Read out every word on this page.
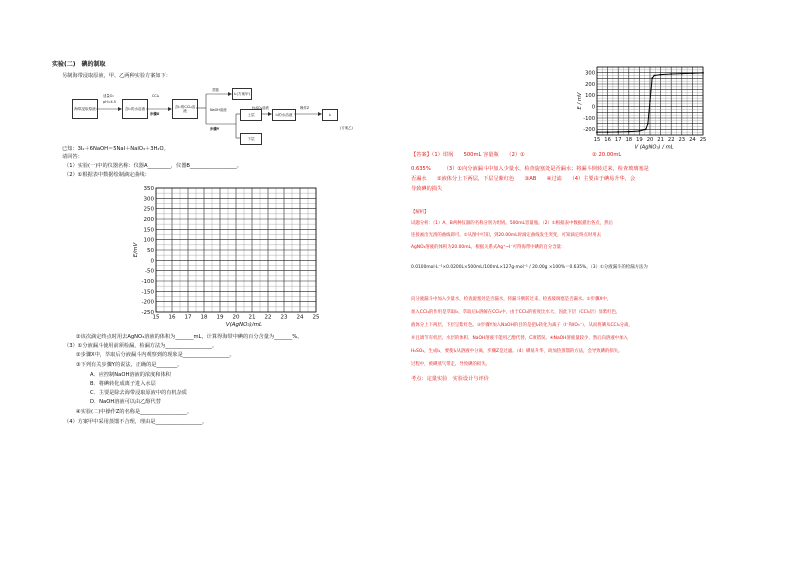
实验(二)　碘的制取
另制海带浸取原液，甲、乙两种实验方案如下：
海带浸取原液
适量O₂
pH=4.5
含I₂的水溶液
CCl₄
步骤X
含I₂的CCl₄溶液
蒸馏
NaOH溶液
步骤Y
I₂(方案甲)
上层
下层
H₂SO₄溶液
I₂的水溶液
操作Z
I₂
(方案乙)
已知：3I₂＋6NaOH＝5NaI＋NaIO₃＋3H₂O。
请回答：
（1）实验(一)中的仪器名称：仪器A_________，仪器B__________________。
（2）①根据表中数据绘制滴定曲线：
15 16 17 18 19 20 21 22 23 24 25
350
300
250
200
150
100
50
0
-50
-100
-150
-200
-250
V(AgNO₃)/mL
E/mV
②该次滴定终点时用去AgNO₃溶液的体积为_______mL，计算得海带中碘的百分含量为_______%。
（3）①分液漏斗使用前须检漏，检漏方法为__________________。
②步骤X中，萃取后分液漏斗内观察到的现象是__________________。
③下列有关步骤Y的说法，正确的是________。
A．应控制NaOH溶液的浓度和体积
B．将碘转化成离子进入水层
C．主要是除去海带浸取原液中的有机杂质
D．NaOH溶液可以由乙醇代替
④实验(二)中操作Z的名称是__________________。
（4）方案甲中采用蒸馏不合理，理由是__________________。
15 16 17 18 19 20 21 22 23 24 25
300
200
100
0
-100
-200
V (AgNO₃) / mL
E / mV
【答案】（1）坩埚　　500mL 容量瓶　　（2）①　　　　　　　　　　　　　② 20.00mL
0.635%　　　（3）①向分液漏斗中加入少量水，检查旋塞处是否漏水；将漏斗倒转过来，检查玻璃塞是
否漏水　　②液体分上下两层，下层呈紫红色　　③AB　　④过滤　　（4）主要由于碘易升华，会
导致碘的损失
【解析】
试题分析：（1）A、B两种仪器的名称分别为坩埚、500mL容量瓶。（2）①根据表中数据描出各点，然后
连接画出光滑的曲线即可。②从图中可知，到20.00mL时滴定曲线发生突变，可知滴定终点时用去
AgNO₃溶液的体积为20.00mL，根据关系式Ag⁺~I⁻可得海带中碘的百分含量：
0.0100mol·L⁻¹×0.0200L×500mL/100mL×127g·mol⁻¹ / 20.00g ×100%＝0.635%。（3）①分液漏斗的检漏方法为
向分液漏斗中加入少量水，检查旋塞处是否漏水，将漏斗倒转过来，检查玻璃塞是否漏水。②步骤X中，
加入CCl₄的作用是萃取I₂，萃取后I₂溶解在CCl₄中，由于CCl₄的密度比水大，因此下层（CCl₄层）显紫红色，
液体分上下两层，下层呈紫红色。③步骤Y加入NaOH的目的是把I₂转化为离子（I⁻和IO₃⁻），从而将碘从CCl₄分离，
并且调节有机层、水层的体积，NaOH溶液不能用乙醇代替，C项错误。④NaOH溶液量较少，然后向溶液中加入
H₂SO₄，生成I₂，要使I₂从溶液中分离，步骤Z是过滤。（4）碘易升华，故加热蒸馏的方法，会导致碘的损失。
过程中，被碘蒸气带走，导致碘的损失。
考点：定量实验　实验设计与评价
